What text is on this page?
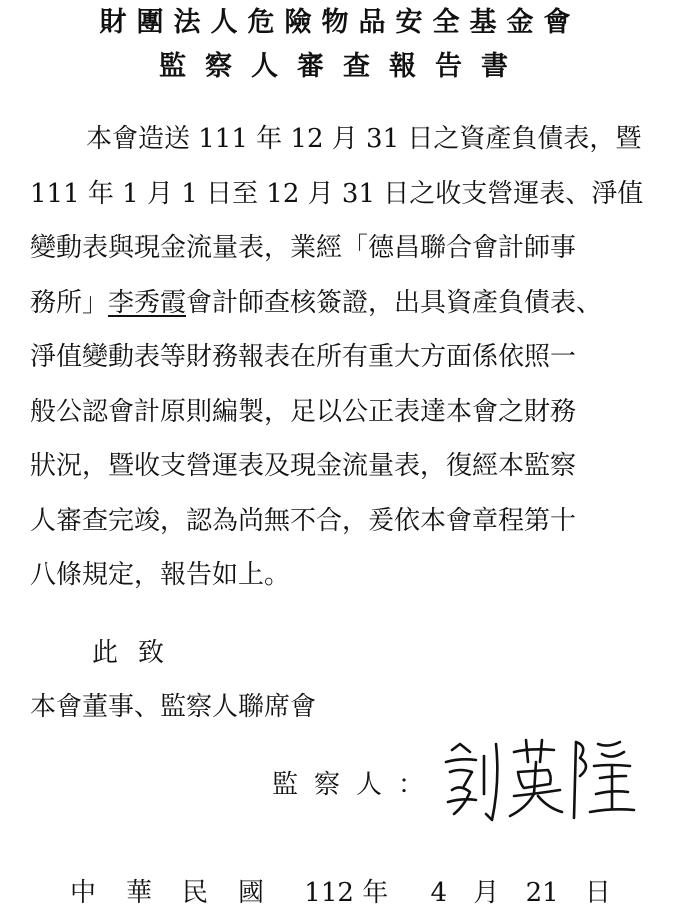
財團法人危險物品安全基金會
監察人審查報告書
本會造送 111 年 12 月 31 日之資產負債表，暨
111 年 1 月 1 日至 12 月 31 日之收支營運表、淨值
變動表與現金流量表，業經「德昌聯合會計師事
務所」李秀霞會計師查核簽證，出具資產負債表、
淨值變動表等財務報表在所有重大方面係依照一
般公認會計原則編製，足以公正表達本會之財務
狀況，暨收支營運表及現金流量表，復經本監察
人審查完竣，認為尚無不合，爰依本會章程第十
八條規定，報告如上。

此致

本會董事、監察人聯席會

監察人：
中華民國 112 年 4 月 21 日
